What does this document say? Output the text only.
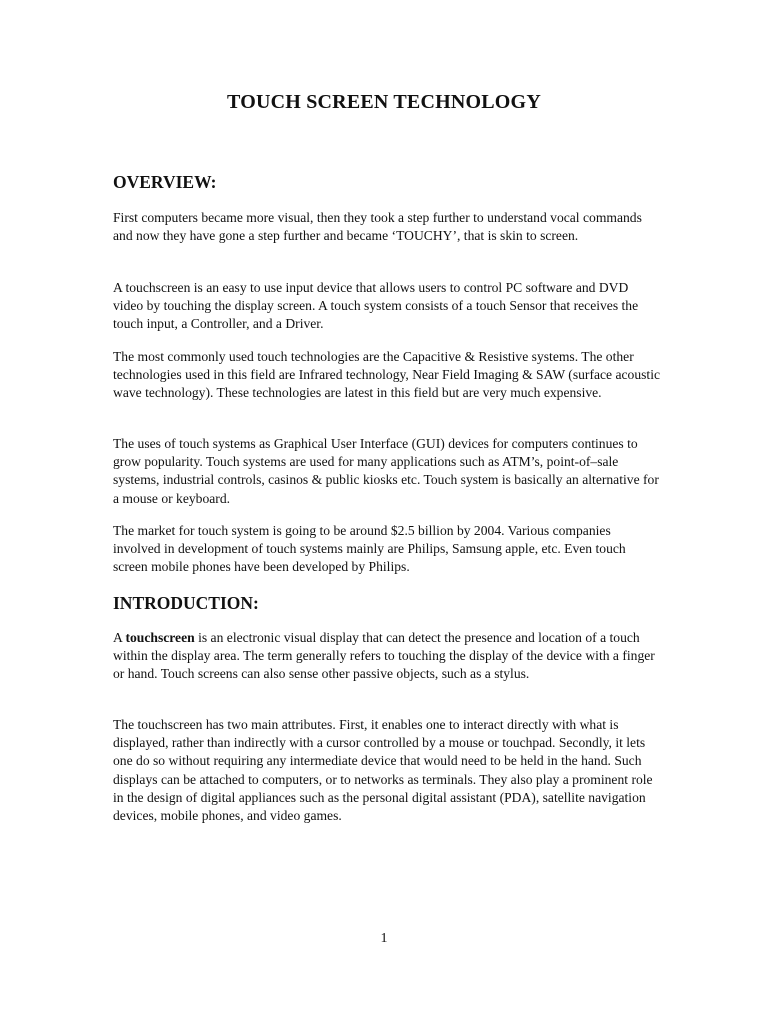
TOUCH SCREEN TECHNOLOGY
OVERVIEW:

First computers became more visual, then they took a step further to understand vocal commands and now they have gone a step further and became ‘TOUCHY’, that is skin to screen.

A touchscreen is an easy to use input device that allows users to control PC software and DVD video by touching the display screen. A touch system consists of a touch Sensor that receives the touch input, a Controller, and a Driver.

The most commonly used touch technologies are the Capacitive & Resistive systems. The other technologies used in this field are Infrared technology, Near Field Imaging & SAW (surface acoustic wave technology). These technologies are latest in this field but are very much expensive.

The uses of touch systems as Graphical User Interface (GUI) devices for computers continues to grow popularity. Touch systems are used for many applications such as ATM’s, point-of–sale systems, industrial controls, casinos & public kiosks etc. Touch system is basically an alternative for a mouse or keyboard.

The market for touch system is going to be around $2.5 billion by 2004. Various companies involved in development of touch systems mainly are Philips, Samsung apple, etc. Even touch screen mobile phones have been developed by Philips.

INTRODUCTION:

A touchscreen is an electronic visual display that can detect the presence and location of a touch within the display area. The term generally refers to touching the display of the device with a finger or hand. Touch screens can also sense other passive objects, such as a stylus.

The touchscreen has two main attributes. First, it enables one to interact directly with what is displayed, rather than indirectly with a cursor controlled by a mouse or touchpad. Secondly, it lets one do so without requiring any intermediate device that would need to be held in the hand. Such displays can be attached to computers, or to networks as terminals. They also play a prominent role in the design of digital appliances such as the personal digital assistant (PDA), satellite navigation devices, mobile phones, and video games.

1
